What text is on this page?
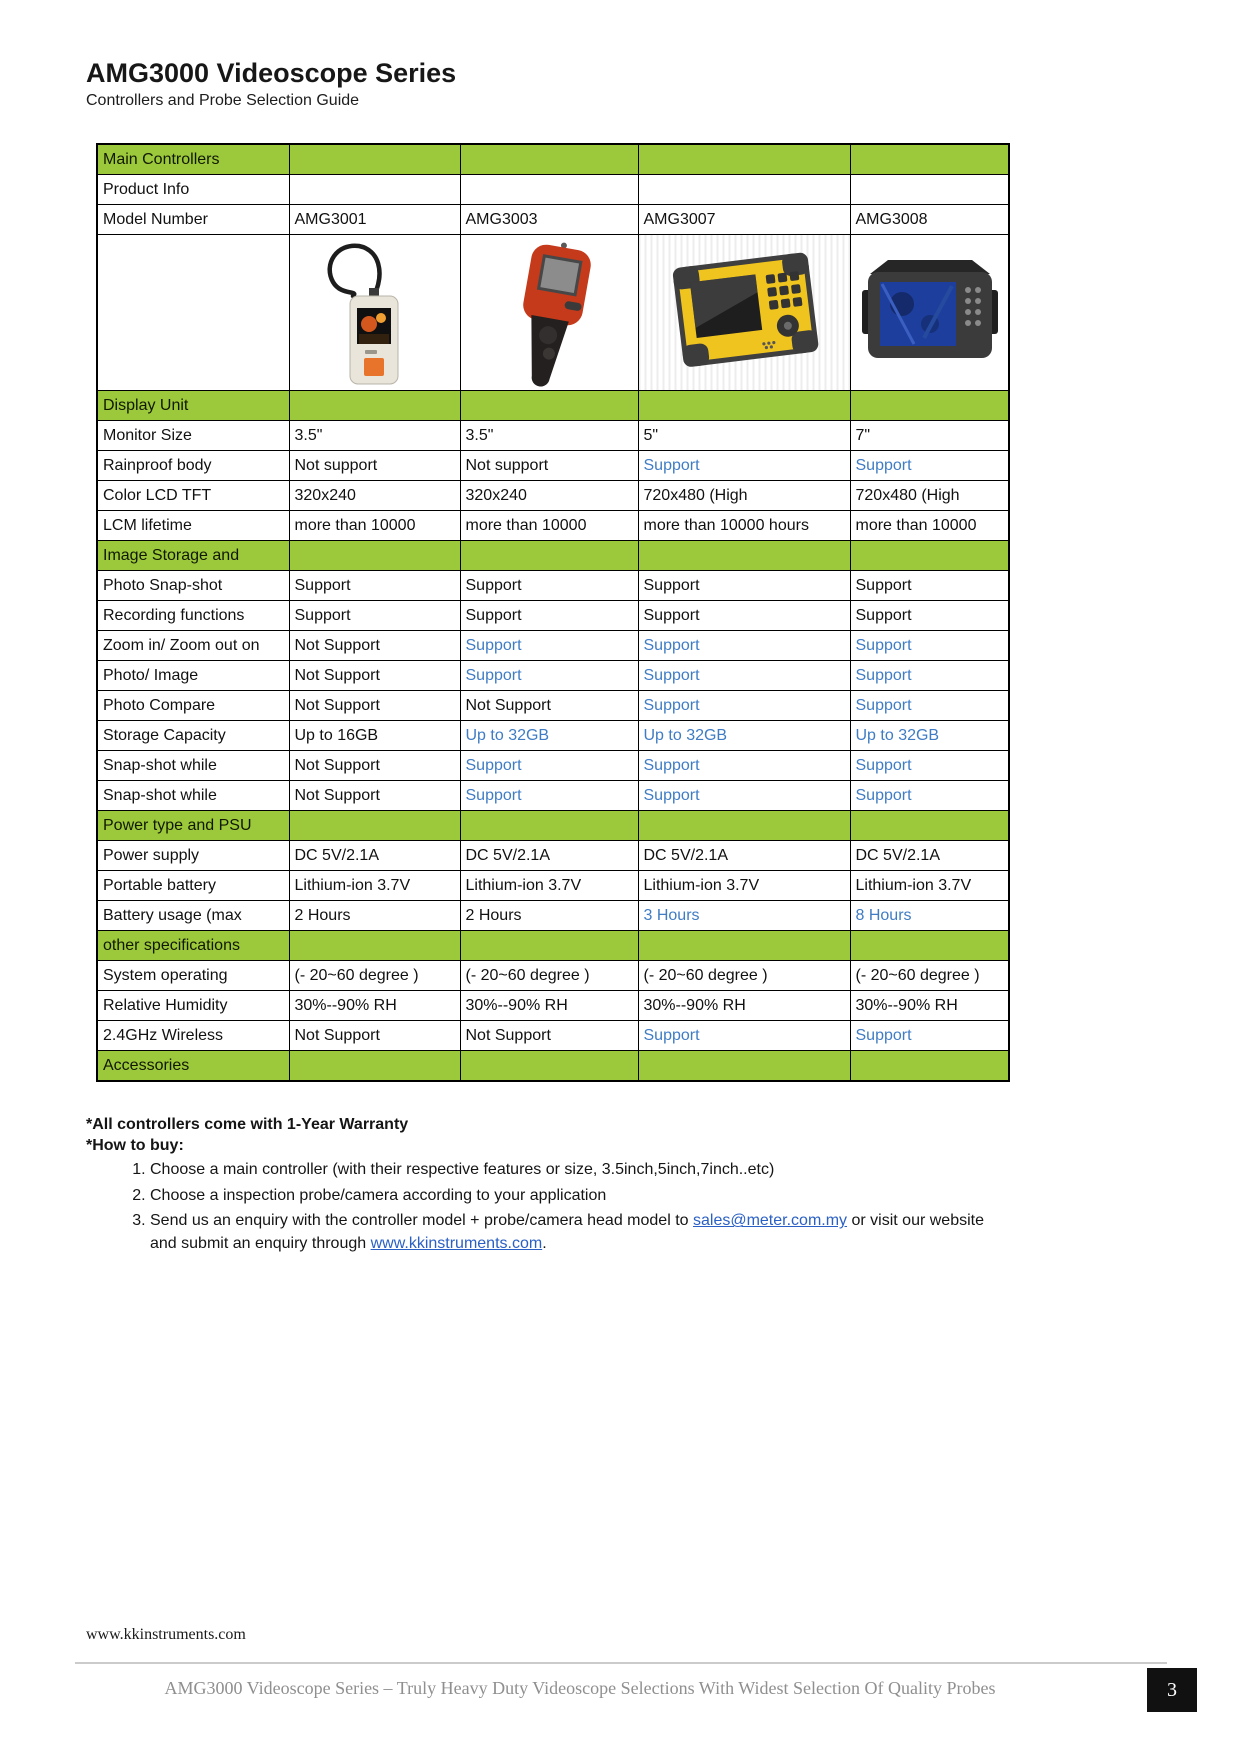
AMG3000 Videoscope Series
Controllers and Probe Selection Guide
Main Controllers				
Product Info				
Model Number	AMG3001	AMG3003	AMG3007	AMG3008

Display Unit				
Monitor Size	3.5"	3.5"	5"	7"
Rainproof body	Not support	Not support	Support	Support
Color LCD TFT	320x240	320x240	720x480 (High	720x480 (High
LCM lifetime	more than 10000	more than 10000	more than 10000 hours	more than 10000
Image Storage and				
Photo Snap-shot	Support	Support	Support	Support
Recording functions	Support	Support	Support	Support
Zoom in/ Zoom out on	Not Support	Support	Support	Support
Photo/ Image	Not Support	Support	Support	Support
Photo Compare	Not Support	Not Support	Support	Support
Storage Capacity	Up to 16GB	Up to 32GB	Up to 32GB	Up to 32GB
Snap-shot while	Not Support	Support	Support	Support
Snap-shot while	Not Support	Support	Support	Support
Power type and PSU				
Power supply	DC 5V/2.1A	DC 5V/2.1A	DC 5V/2.1A	DC 5V/2.1A
Portable battery	Lithium-ion 3.7V	Lithium-ion 3.7V	Lithium-ion 3.7V	Lithium-ion 3.7V
Battery usage (max	2 Hours	2 Hours	3 Hours	8 Hours
other specifications				
System operating	(- 20~60 degree )	(- 20~60 degree )	(- 20~60 degree )	(- 20~60 degree )
Relative Humidity	30%--90% RH	30%--90% RH	30%--90% RH	30%--90% RH
2.4GHz Wireless	Not Support	Not Support	Support	Support
Accessories				
*All controllers come with 1-Year Warranty
*How to buy:
1. Choose a main controller (with their respective features or size, 3.5inch,5inch,7inch..etc)
2. Choose a inspection probe/camera according to your application
3. Send us an enquiry with the controller model + probe/camera head model to sales@meter.com.my or visit our website and submit an enquiry through www.kkinstruments.com.
www.kkinstruments.com
AMG3000 Videoscope Series – Truly Heavy Duty Videoscope Selections With Widest Selection Of Quality Probes	3
